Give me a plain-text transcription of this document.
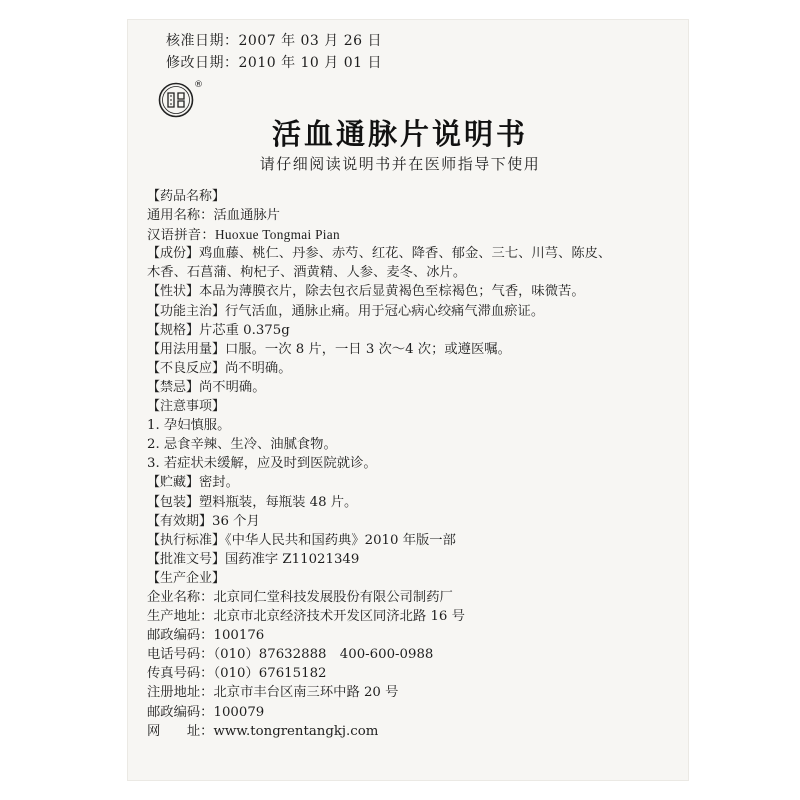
核准日期：2007 年 03 月 26 日
修改日期：2010 年 10 月 01 日
®
活血通脉片说明书
请仔细阅读说明书并在医师指导下使用
【药品名称】
通用名称：活血通脉片
汉语拼音：Huoxue Tongmai Pian
【成份】鸡血藤、桃仁、丹参、赤芍、红花、降香、郁金、三七、川芎、陈皮、
木香、石菖蒲、枸杞子、酒黄精、人参、麦冬、冰片。
【性状】本品为薄膜衣片，除去包衣后显黄褐色至棕褐色；气香，味微苦。
【功能主治】行气活血，通脉止痛。用于冠心病心绞痛气滞血瘀证。
【规格】片芯重 0.375g
【用法用量】口服。一次 8 片，一日 3 次～4 次；或遵医嘱。
【不良反应】尚不明确。
【禁忌】尚不明确。
【注意事项】
1. 孕妇慎服。
2. 忌食辛辣、生冷、油腻食物。
3. 若症状未缓解，应及时到医院就诊。
【贮藏】密封。
【包装】塑料瓶装，每瓶装 48 片。
【有效期】36 个月
【执行标准】《中华人民共和国药典》2010 年版一部
【批准文号】国药准字 Z11021349
【生产企业】
企业名称：北京同仁堂科技发展股份有限公司制药厂
生产地址：北京市北京经济技术开发区同济北路 16 号
邮政编码：100176
电话号码：（010）87632888　400-600-0988
传真号码：（010）67615182
注册地址：北京市丰台区南三环中路 20 号
邮政编码：100079
网　　址：www.tongrentangkj.com
